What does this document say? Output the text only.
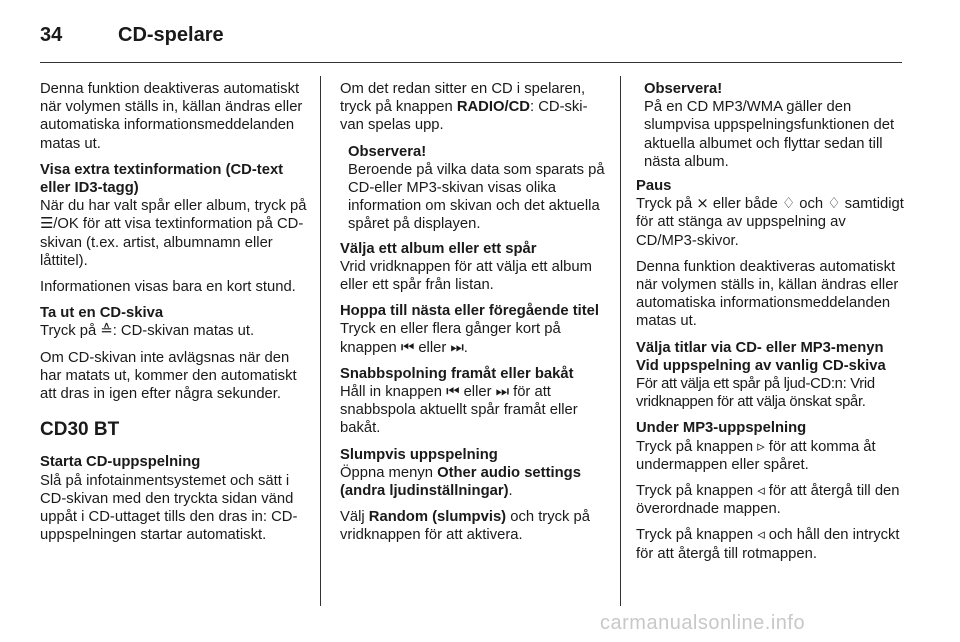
34	CD-spelare

Denna funktion deaktiveras automatiskt när volymen ställs in, källan ändras eller automatiska informationsmeddelanden matas ut.

Visa extra textinformation (CD-text eller ID3-tagg)

När du har valt spår eller album, tryck på ☰/OK för att visa textinformation på CD-skivan (t.ex. artist, albumnamn eller låttitel).

Informationen visas bara en kort stund.

Ta ut en CD-skiva

Tryck på ≙: CD-skivan matas ut.

Om CD-skivan inte avlägsnas när den har matats ut, kommer den automatiskt att dras in igen efter några sekunder.

CD30 BT

Starta CD-uppspelning

Slå på infotainmentsystemet och sätt i CD-skivan med den tryckta sidan vänd uppåt i CD-uttaget tills den dras in: CD-uppspelningen startar automatiskt.

Om det redan sitter en CD i spelaren, tryck på knappen RADIO/CD: CD-skivan spelas upp.

Observera!
Beroende på vilka data som sparats på CD-eller MP3-skivan visas olika information om skivan och det aktuella spåret på displayen.

Välja ett album eller ett spår

Vrid vridknappen för att välja ett album eller ett spår från listan.

Hoppa till nästa eller föregående titel

Tryck en eller flera gånger kort på knappen ⏮ eller ⏭.

Snabbspolning framåt eller bakåt

Håll in knappen ⏮ eller ⏭ för att snabbspola aktuellt spår framåt eller bakåt.

Slumpvis uppspelning

Öppna menyn Other audio settings (andra ljudinställningar).

Välj Random (slumpvis) och tryck på vridknappen för att aktivera.

Observera!
På en CD MP3/WMA gäller den slumpvisa uppspelningsfunktionen det aktuella albumet och flyttar sedan till nästa album.

Paus

Tryck på ⨯ eller både ♢ och ♢ samtidigt för att stänga av uppspelning av CD/MP3-skivor.

Denna funktion deaktiveras automatiskt när volymen ställs in, källan ändras eller automatiska informationsmeddelanden matas ut.

Välja titlar via CD- eller MP3-menyn

Vid uppspelning av vanlig CD-skiva

För att välja ett spår på ljud-CD:n: Vrid vridknappen för att välja önskat spår.

Under MP3-uppspelning

Tryck på knappen ▹ för att komma åt undermappen eller spåret.

Tryck på knappen ◃ för att återgå till den överordnade mappen.

Tryck på knappen ◃ och håll den intryckt för att återgå till rotmappen.

carmanualsonline.info
